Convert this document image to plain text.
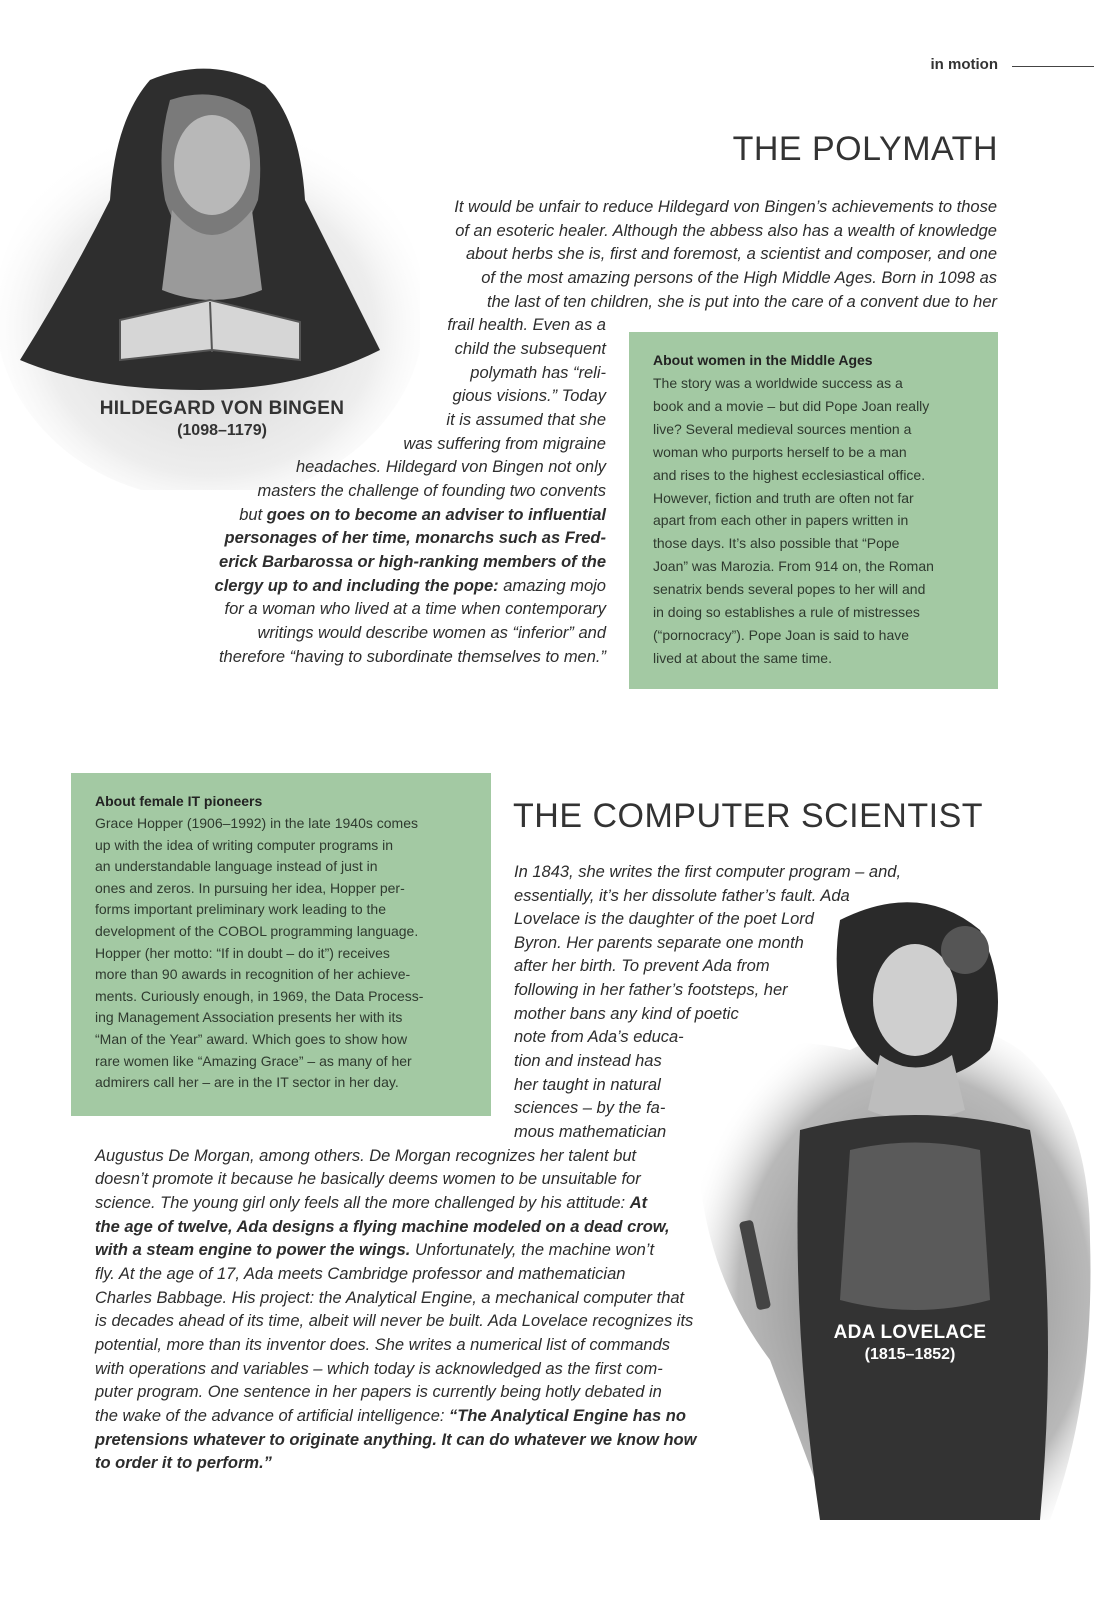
in motion
HILDEGARD VON BINGEN
(1098–1179)
THE POLYMATH
It would be unfair to reduce Hildegard von Bingen’s achievements to those
of an esoteric healer. Although the abbess also has a wealth of knowledge
about herbs she is, first and foremost, a scientist and composer, and one
of the most amazing persons of the High Middle Ages. Born in 1098 as
the last of ten children, she is put into the care of a convent due to her
frail health. Even as a
child the subsequent
polymath has “reli-
gious visions.” Today
it is assumed that she
was suffering from migraine
headaches. Hildegard von Bingen not only
masters the challenge of founding two convents
but goes on to become an adviser to influential
personages of her time, monarchs such as Fred-
erick Barbarossa or high-ranking members of the
clergy up to and including the pope: amazing mojo
for a woman who lived at a time when contemporary
writings would describe women as “inferior” and
therefore “having to subordinate themselves to men.”
About women in the Middle Ages
The story was a worldwide success as a
book and a movie – but did Pope Joan really
live? Several medieval sources mention a
woman who purports herself to be a man
and rises to the highest ecclesiastical office.
However, fiction and truth are often not far
apart from each other in papers written in
those days. It’s also possible that “Pope
Joan” was Marozia. From 914 on, the Roman
senatrix bends several popes to her will and
in doing so establishes a rule of mistresses
(“pornocracy”). Pope Joan is said to have
lived at about the same time.
About female IT pioneers
Grace Hopper (1906–1992) in the late 1940s comes
up with the idea of writing computer programs in
an understandable language instead of just in
ones and zeros. In pursuing her idea, Hopper per-
forms important preliminary work leading to the
development of the COBOL programming language.
Hopper (her motto: “If in doubt – do it”) receives
more than 90 awards in recognition of her achieve-
ments. Curiously enough, in 1969, the Data Process-
ing Management Association presents her with its
“Man of the Year” award. Which goes to show how
rare women like “Amazing Grace” – as many of her
admirers call her – are in the IT sector in her day.
ADA LOVELACE
(1815–1852)
THE COMPUTER SCIENTIST
In 1843, she writes the first computer program – and,
essentially, it’s her dissolute father’s fault. Ada
Lovelace is the daughter of the poet Lord
Byron. Her parents separate one month
after her birth. To prevent Ada from
following in her father’s footsteps, her
mother bans any kind of poetic
note from Ada’s educa-
tion and instead has
her taught in natural
sciences – by the fa-
mous mathematician
Augustus De Morgan, among others. De Morgan recognizes her talent but
doesn’t promote it because he basically deems women to be unsuitable for
science. The young girl only feels all the more challenged by his attitude: At
the age of twelve, Ada designs a flying machine modeled on a dead crow,
with a steam engine to power the wings. Unfortunately, the machine won’t
fly. At the age of 17, Ada meets Cambridge professor and mathematician
Charles Babbage. His project: the Analytical Engine, a mechanical computer that
is decades ahead of its time, albeit will never be built. Ada Lovelace recognizes its
potential, more than its inventor does. She writes a numerical list of commands
with operations and variables – which today is acknowledged as the first com-
puter program. One sentence in her papers is currently being hotly debated in
the wake of the advance of artificial intelligence: “The Analytical Engine has no
pretensions whatever to originate anything. It can do whatever we know how
to order it to perform.”
